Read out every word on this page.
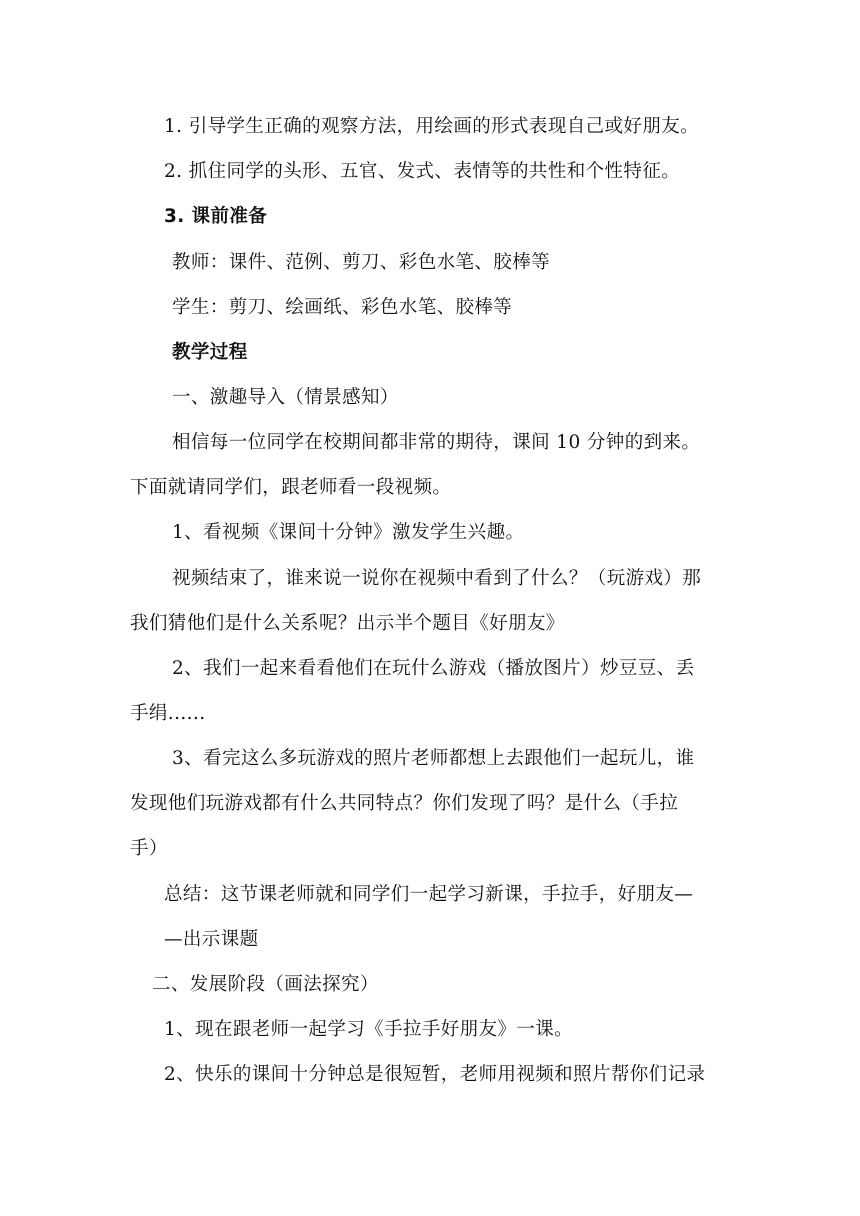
1. 引导学生正确的观察方法，用绘画的形式表现自己或好朋友。
2. 抓住同学的头形、五官、发式、表情等的共性和个性特征。
3. 课前准备
教师：课件、范例、剪刀、彩色水笔、胶棒等
学生：剪刀、绘画纸、彩色水笔、胶棒等
教学过程
一、激趣导入（情景感知）
相信每一位同学在校期间都非常的期待，课间 10 分钟的到来。
下面就请同学们，跟老师看一段视频。
1、看视频《课间十分钟》激发学生兴趣。
视频结束了，谁来说一说你在视频中看到了什么？（玩游戏）那
我们猜他们是什么关系呢？出示半个题目《好朋友》
2、我们一起来看看他们在玩什么游戏（播放图片）炒豆豆、丢
手绢......
3、看完这么多玩游戏的照片老师都想上去跟他们一起玩儿，谁
发现他们玩游戏都有什么共同特点？你们发现了吗？是什么（手拉
手）
总结：这节课老师就和同学们一起学习新课，手拉手，好朋友—
—出示课题
二、发展阶段（画法探究）
1、现在跟老师一起学习《手拉手好朋友》一课。
2、快乐的课间十分钟总是很短暂，老师用视频和照片帮你们记录
